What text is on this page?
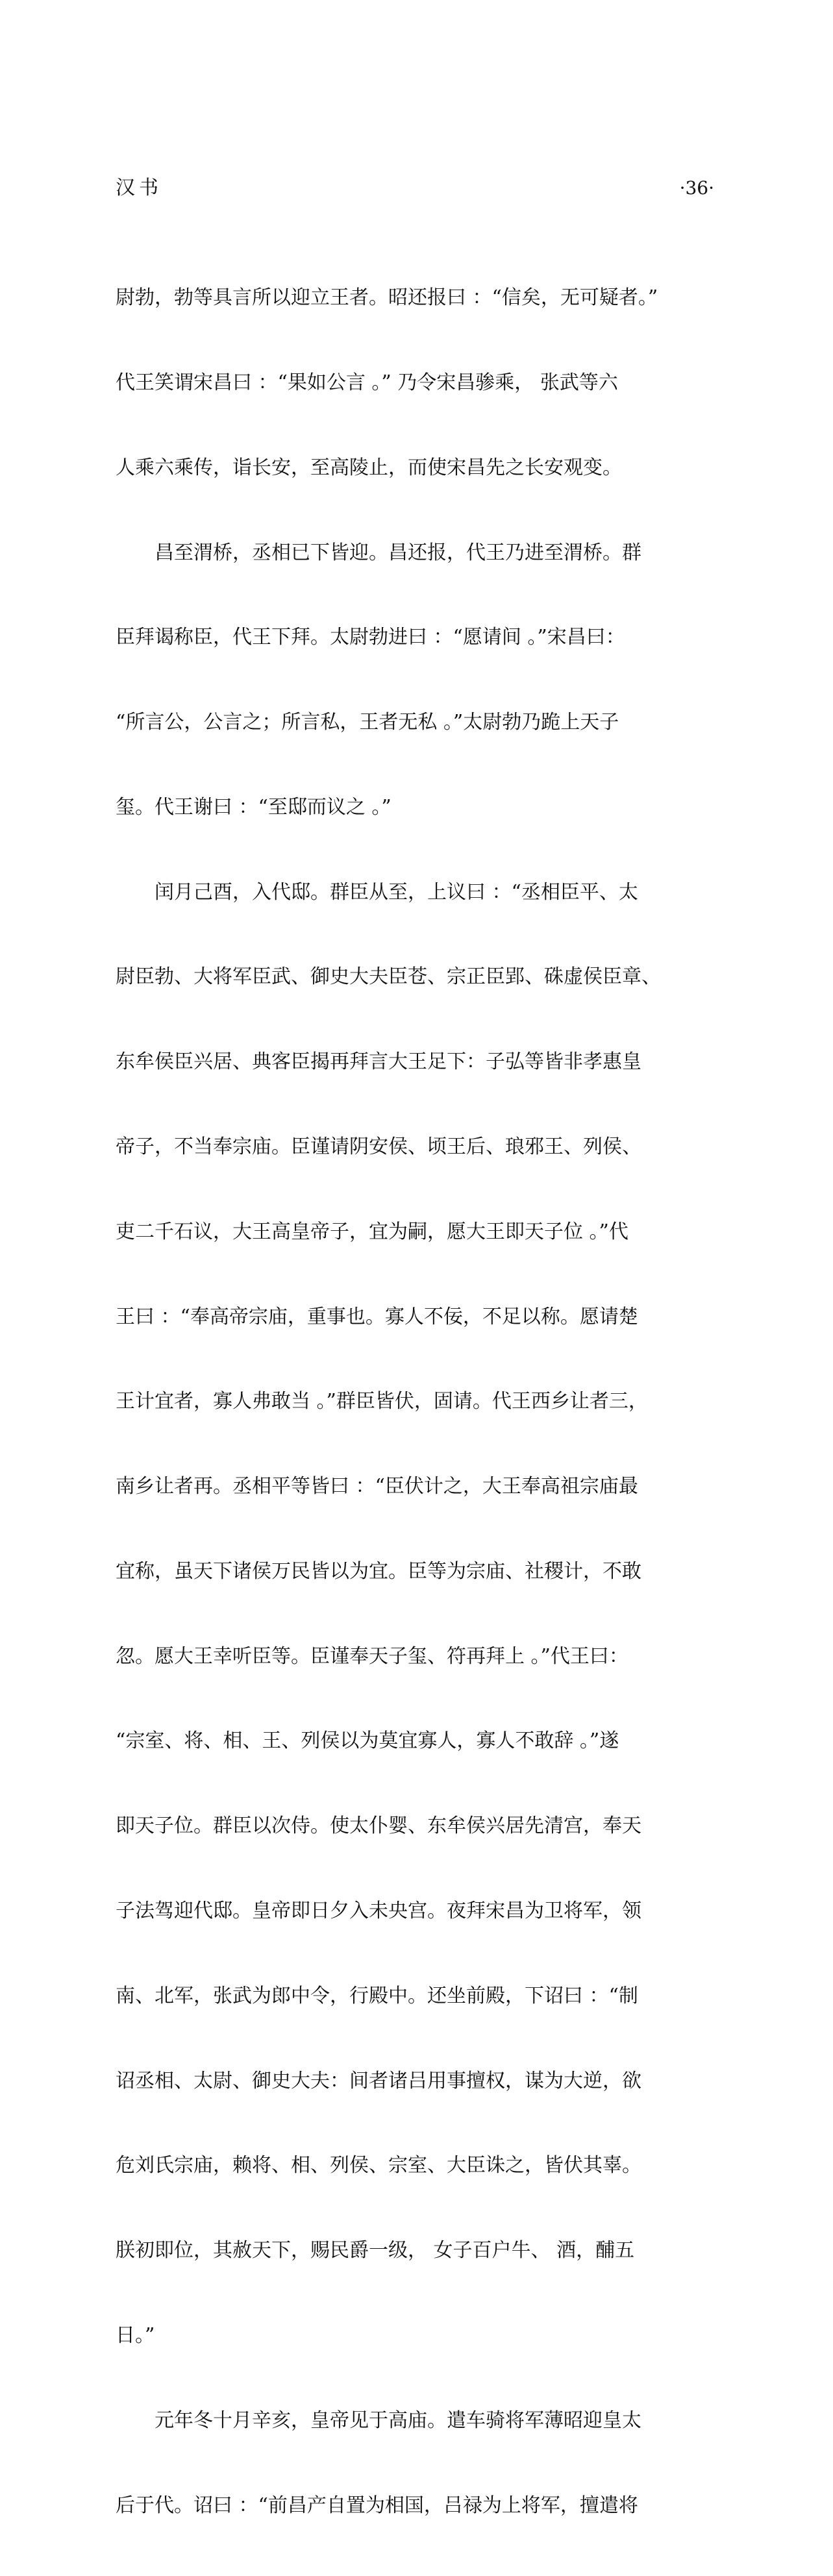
汉书	·36·

尉勃，勃等具言所以迎立王者。昭还报曰 ：“信矣，无可疑者。”

代王笑谓宋昌曰 ：“果如公言 。” 乃令宋昌骖乘， 张武等六

人乘六乘传，诣长安，至高陵止，而使宋昌先之长安观变。

　　昌至渭桥，丞相已下皆迎。昌还报，代王乃进至渭桥。群

臣拜谒称臣，代王下拜。太尉勃进曰 ：“愿请间 。”宋昌曰：

“所言公，公言之；所言私，王者无私 。”太尉勃乃跪上天子

玺。代王谢曰 ：“至邸而议之 。”

　　闰月己酉，入代邸。群臣从至，上议曰 ：“丞相臣平、太

尉臣勃、大将军臣武、御史大夫臣苍、宗正臣郢、硃虚侯臣章、

东牟侯臣兴居、典客臣揭再拜言大王足下：子弘等皆非孝惠皇

帝子，不当奉宗庙。臣谨请阴安侯、顷王后、琅邪王、列侯、

吏二千石议，大王高皇帝子，宜为嗣，愿大王即天子位 。”代

王曰 ：“奉高帝宗庙，重事也。寡人不佞，不足以称。愿请楚

王计宜者，寡人弗敢当 。”群臣皆伏，固请。代王西乡让者三，

南乡让者再。丞相平等皆曰 ：“臣伏计之，大王奉高祖宗庙最

宜称，虽天下诸侯万民皆以为宜。臣等为宗庙、社稷计，不敢

忽。愿大王幸听臣等。臣谨奉天子玺、符再拜上 。”代王曰：

“宗室、将、相、王、列侯以为莫宜寡人，寡人不敢辞 。”遂

即天子位。群臣以次侍。使太仆婴、东牟侯兴居先清宫，奉天

子法驾迎代邸。皇帝即日夕入未央宫。夜拜宋昌为卫将军，领

南、北军，张武为郎中令，行殿中。还坐前殿，下诏曰 ：“制

诏丞相、太尉、御史大夫：间者诸吕用事擅权，谋为大逆，欲

危刘氏宗庙，赖将、相、列侯、宗室、大臣诛之，皆伏其辜。

朕初即位，其赦天下，赐民爵一级， 女子百户牛、 酒，酺五

日。”

　　元年冬十月辛亥，皇帝见于高庙。遣车骑将军薄昭迎皇太

后于代。诏曰 ：“前昌产自置为相国，吕禄为上将军，擅遣将
